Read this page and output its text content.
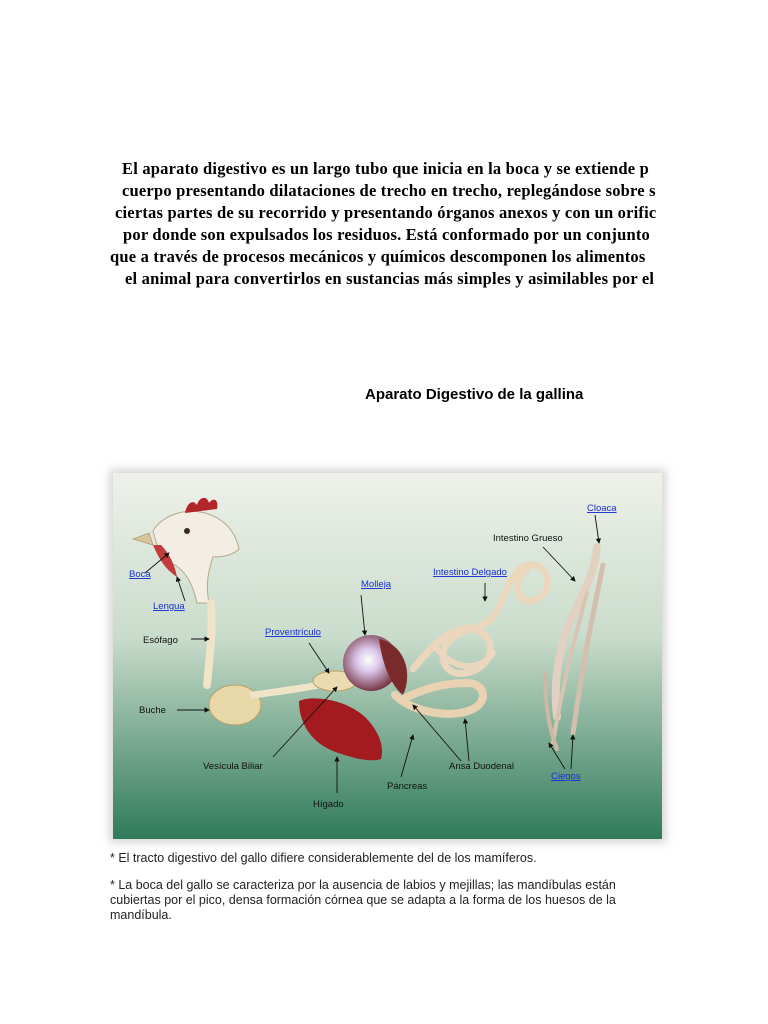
El aparato digestivo es un largo tubo que inicia en la boca y se extiende p
cuerpo presentando dilataciones de trecho en trecho, replegándose sobre s
ciertas partes de su recorrido y presentando órganos anexos y con un orific
por donde son expulsados los residuos. Está conformado por un conjunto
que a través de procesos mecánicos y químicos descomponen los alimentos
el animal para convertirlos en sustancias más simples y asimilables por el
Aparato Digestivo de la gallina
Boca
Lengua
Esófago
Buche
Vesícula Biliar
Hígado
Páncreas
Ansa Duodenal
Proventrículo
Molleja
Intestino Delgado
Intestino Grueso
Cloaca
Ciegos

* El tracto digestivo del gallo difiere considerablemente del de los mamíferos.

* La boca del gallo se caracteriza por la ausencia de labios y mejillas; las mandíbulas están cubiertas por el pico, densa formación córnea que se adapta a la forma de los huesos de la mandíbula.
